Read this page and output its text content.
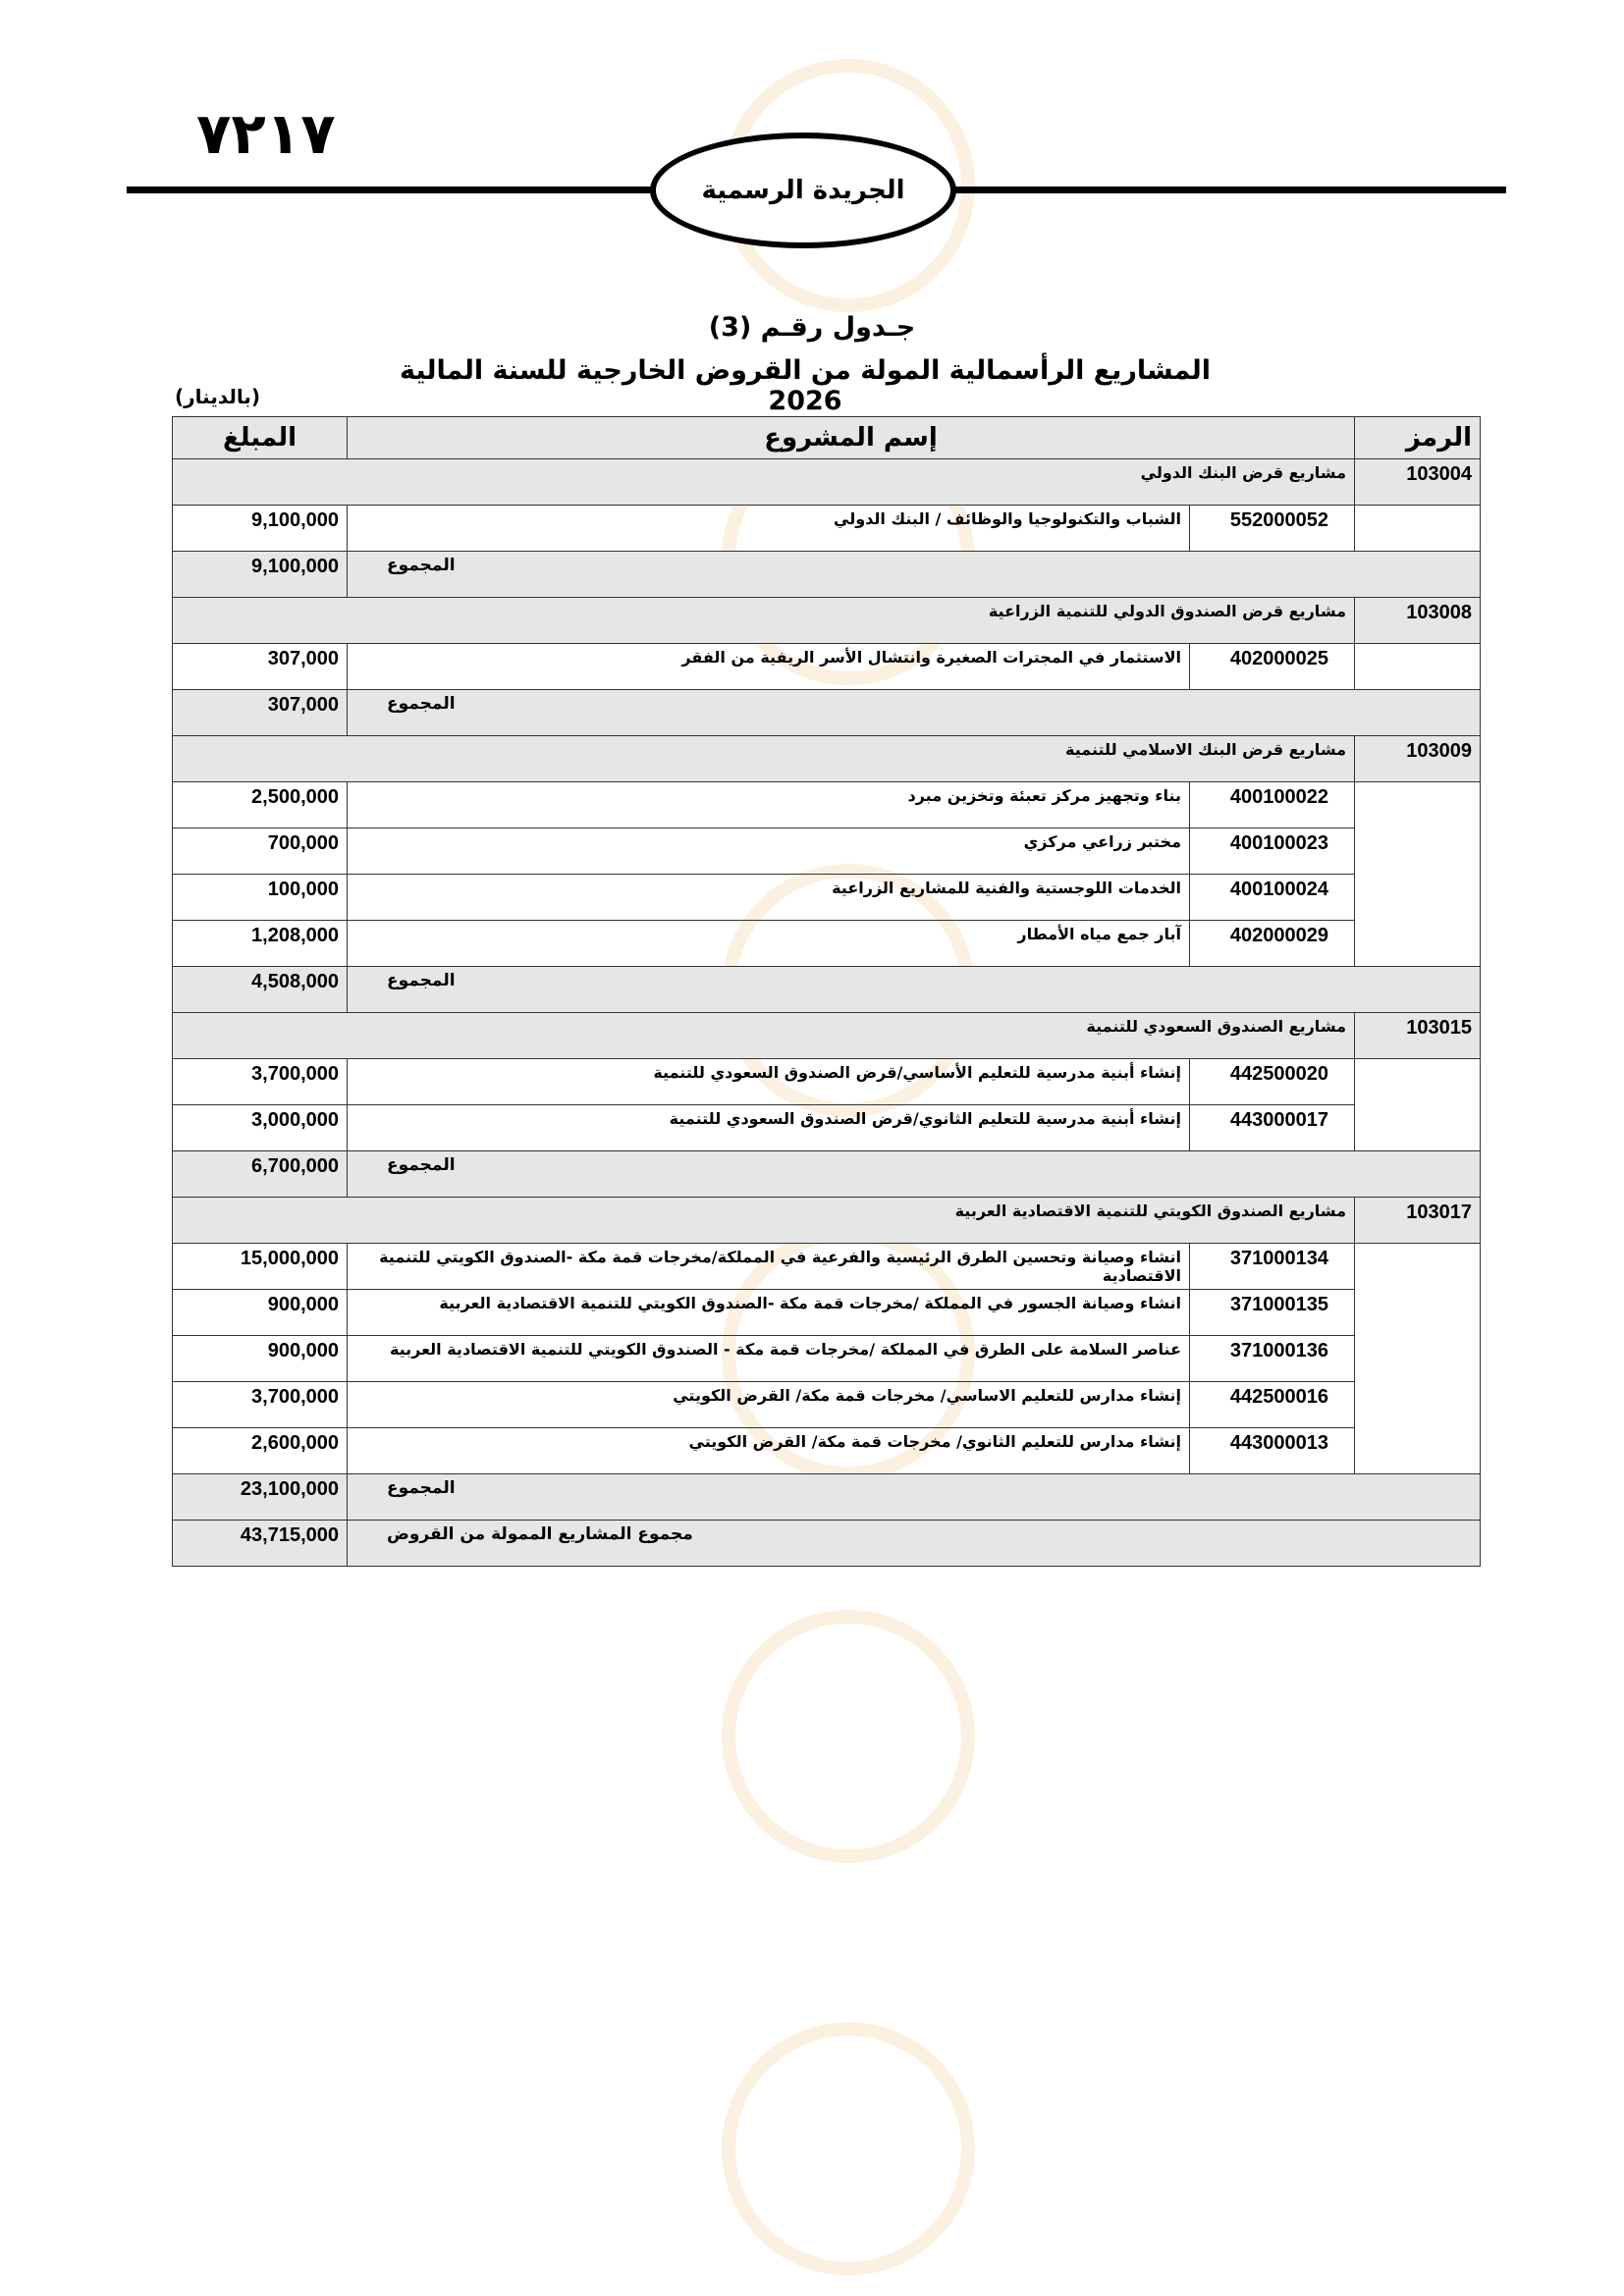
٧٢١٧
الجريدة الرسمية
جـدول رقـم (3)
المشاريع الرأسمالية المولة من القروض الخارجية للسنة المالية 2026
(بالدينار)
الرمز	إسم المشروع		المبلغ
103004	مشاريع قرض البنك الدولي		
	552000052	الشباب والتكنولوجيا والوظائف / البنك الدولي	9,100,000
المجموع			9,100,000
103008	مشاريع قرض الصندوق الدولي للتنمية الزراعية		
	402000025	الاستثمار في المجترات الصغيرة وانتشال الأسر الريفية من الفقر	307,000
المجموع			307,000
103009	مشاريع قرض البنك الاسلامي للتنمية		
	400100022	بناء وتجهيز مركز تعبئة وتخزين مبرد	2,500,000
	400100023	مختبر زراعي مركزي	700,000
	400100024	الخدمات اللوجستية والفنية للمشاريع الزراعية	100,000
	402000029	آبار جمع مياه الأمطار	1,208,000
المجموع			4,508,000
103015	مشاريع الصندوق السعودي للتنمية		
	442500020	إنشاء أبنية مدرسية للتعليم الأساسي/قرض الصندوق السعودي للتنمية	3,700,000
	443000017	إنشاء أبنية مدرسية للتعليم الثانوي/قرض الصندوق السعودي للتنمية	3,000,000
المجموع			6,700,000
103017	مشاريع الصندوق الكويتي للتنمية الاقتصادية العربية		
	371000134	انشاء وصيانة وتحسين الطرق الرئيسية والفرعية في المملكة/مخرجات قمة مكة -الصندوق الكويتي للتنمية الاقتصادية	15,000,000
	371000135	انشاء وصيانة الجسور في المملكة /مخرجات قمة مكة -الصندوق الكويتي للتنمية الاقتصادية العربية	900,000
	371000136	عناصر السلامة على الطرق في المملكة /مخرجات قمة مكة - الصندوق الكويتي للتنمية الاقتصادية العربية	900,000
	442500016	إنشاء مدارس للتعليم الاساسي/ مخرجات قمة مكة/ القرض الكويتي	3,700,000
	443000013	إنشاء مدارس للتعليم الثانوي/ مخرجات قمة مكة/ القرض الكويتي	2,600,000
المجموع			23,100,000
مجموع المشاريع الممولة من القروض			43,715,000
